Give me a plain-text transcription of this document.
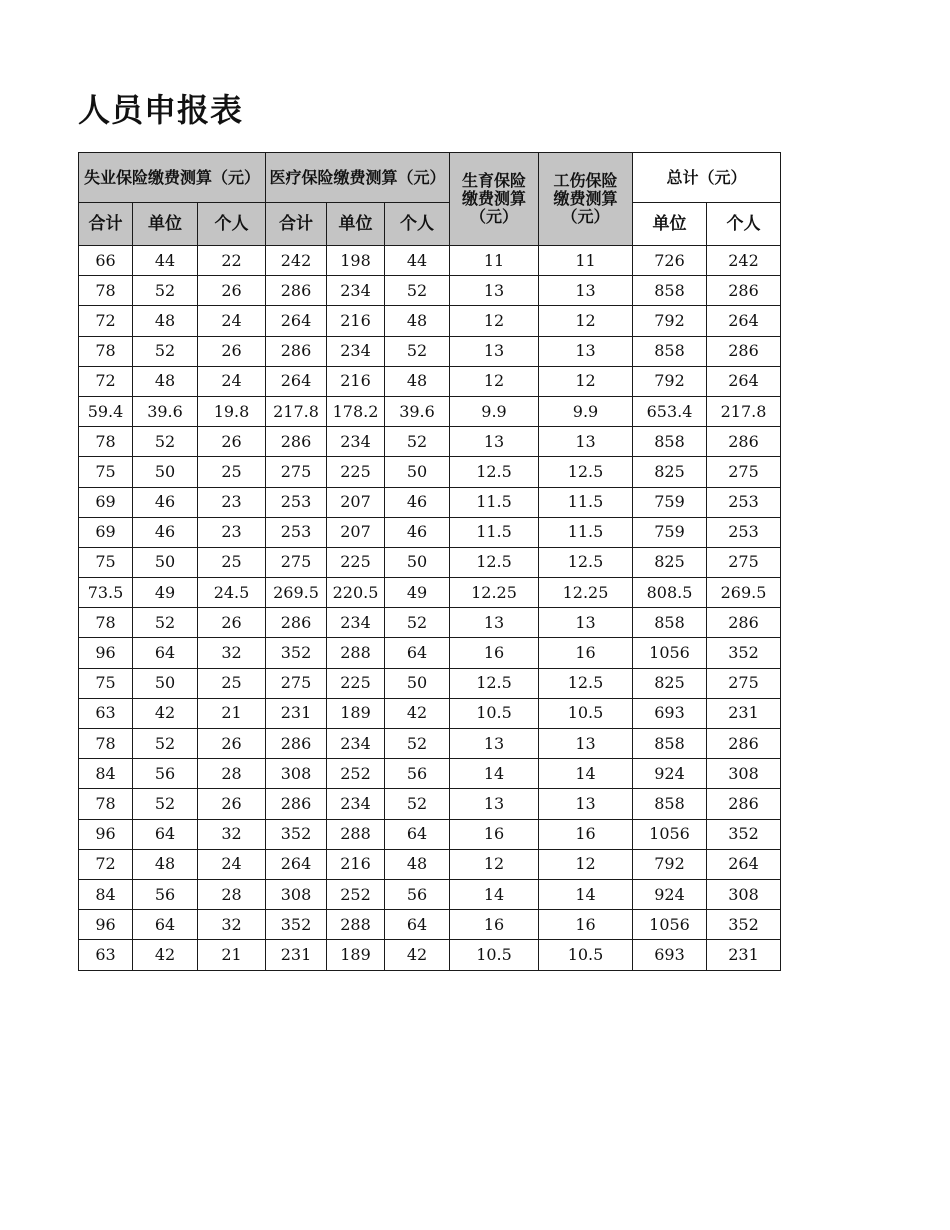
人员申报表
失业保险缴费测算（元）			医疗保险缴费测算（元）			生育保险缴费测算（元）	工伤保险缴费测算（元）	总计（元）	
合计	单位	个人	合计	单位	个人			单位	个人
66	44	22	242	198	44	11	11	726	242
78	52	26	286	234	52	13	13	858	286
72	48	24	264	216	48	12	12	792	264
78	52	26	286	234	52	13	13	858	286
72	48	24	264	216	48	12	12	792	264
59.4	39.6	19.8	217.8	178.2	39.6	9.9	9.9	653.4	217.8
78	52	26	286	234	52	13	13	858	286
75	50	25	275	225	50	12.5	12.5	825	275
69	46	23	253	207	46	11.5	11.5	759	253
69	46	23	253	207	46	11.5	11.5	759	253
75	50	25	275	225	50	12.5	12.5	825	275
73.5	49	24.5	269.5	220.5	49	12.25	12.25	808.5	269.5
78	52	26	286	234	52	13	13	858	286
96	64	32	352	288	64	16	16	1056	352
75	50	25	275	225	50	12.5	12.5	825	275
63	42	21	231	189	42	10.5	10.5	693	231
78	52	26	286	234	52	13	13	858	286
84	56	28	308	252	56	14	14	924	308
78	52	26	286	234	52	13	13	858	286
96	64	32	352	288	64	16	16	1056	352
72	48	24	264	216	48	12	12	792	264
84	56	28	308	252	56	14	14	924	308
96	64	32	352	288	64	16	16	1056	352
63	42	21	231	189	42	10.5	10.5	693	231
